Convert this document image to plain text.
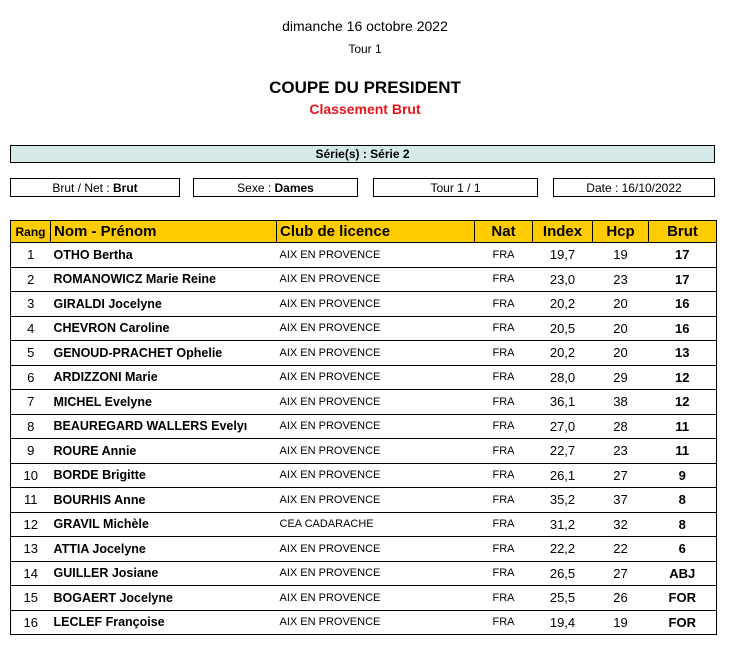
dimanche 16 octobre 2022
Tour 1
COUPE DU PRESIDENT
Classement Brut
Série(s) : Série 2
Brut / Net : Brut	Sexe : Dames	Tour 1 / 1	Date : 16/10/2022
Rang	Nom - Prénom	Club de licence	Nat	Index	Hcp	Brut
1	OTHO Bertha	AIX EN PROVENCE	FRA	19,7	19	17
2	ROMANOWICZ Marie Reine	AIX EN PROVENCE	FRA	23,0	23	17
3	GIRALDI Jocelyne	AIX EN PROVENCE	FRA	20,2	20	16
4	CHEVRON Caroline	AIX EN PROVENCE	FRA	20,5	20	16
5	GENOUD-PRACHET Ophelie	AIX EN PROVENCE	FRA	20,2	20	13
6	ARDIZZONI Marie	AIX EN PROVENCE	FRA	28,0	29	12
7	MICHEL Evelyne	AIX EN PROVENCE	FRA	36,1	38	12
8	BEAUREGARD WALLERS Evelyı	AIX EN PROVENCE	FRA	27,0	28	11
9	ROURE Annie	AIX EN PROVENCE	FRA	22,7	23	11
10	BORDE Brigitte	AIX EN PROVENCE	FRA	26,1	27	9
11	BOURHIS Anne	AIX EN PROVENCE	FRA	35,2	37	8
12	GRAVIL Michèle	CEA CADARACHE	FRA	31,2	32	8
13	ATTIA Jocelyne	AIX EN PROVENCE	FRA	22,2	22	6
14	GUILLER Josiane	AIX EN PROVENCE	FRA	26,5	27	ABJ
15	BOGAERT Jocelyne	AIX EN PROVENCE	FRA	25,5	26	FOR
16	LECLEF Françoise	AIX EN PROVENCE	FRA	19,4	19	FOR
